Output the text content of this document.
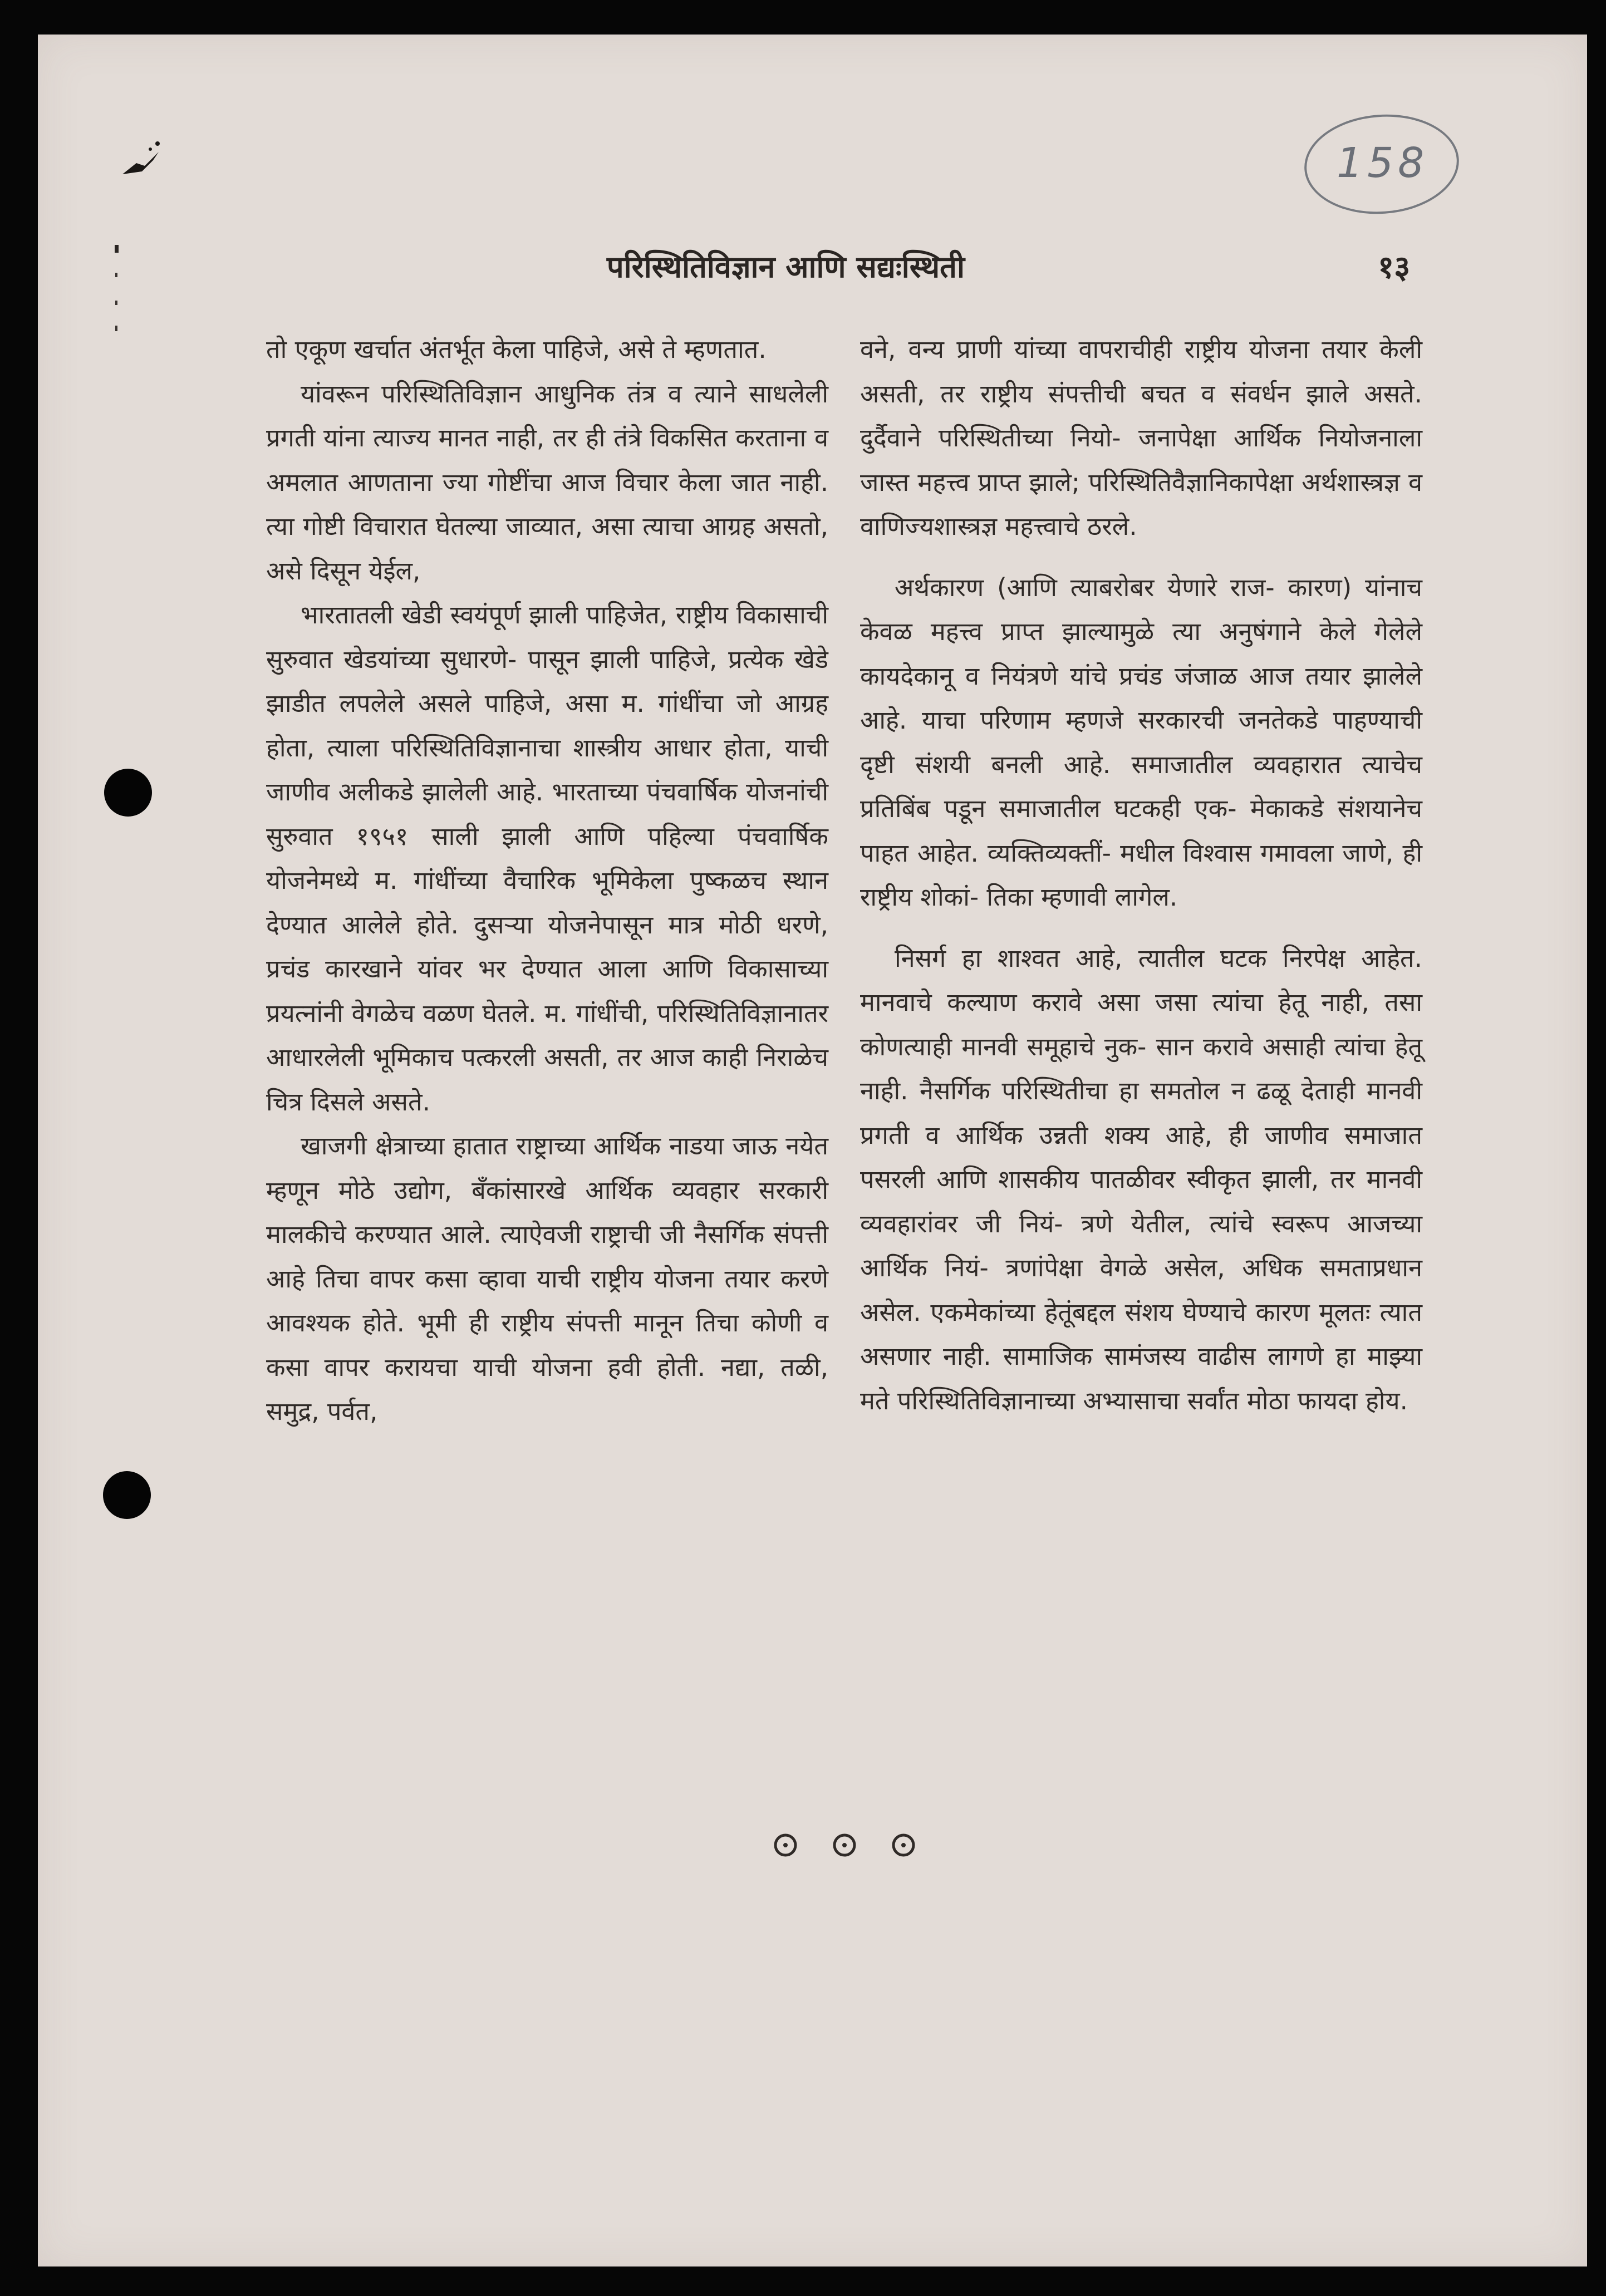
158
परिस्थितिविज्ञान आणि सद्यःस्थिती	१३

तो एकूण खर्चात अंतर्भूत केला पाहिजे, असे ते म्हणतात.

यांवरून परिस्थितिविज्ञान आधुनिक तंत्र व त्याने साधलेली प्रगती यांना त्याज्य मानत नाही, तर ही तंत्रे विकसित करताना व अमलात आणताना ज्या गोष्टींचा आज विचार केला जात नाही. त्या गोष्टी विचारात घेतल्या जाव्यात, असा त्याचा आग्रह असतो, असे दिसून येईल,

भारतातली खेडी स्वयंपूर्ण झाली पाहिजेत, राष्ट्रीय विकासाची सुरुवात खेडयांच्या सुधारणे- पासून झाली पाहिजे, प्रत्येक खेडे झाडीत लपलेले असले पाहिजे, असा म. गांधींचा जो आग्रह होता, त्याला परिस्थितिविज्ञानाचा शास्त्रीय आधार होता, याची जाणीव अलीकडे झालेली आहे. भारताच्या पंचवार्षिक योजनांची सुरुवात १९५१ साली झाली आणि पहिल्या पंचवार्षिक योजनेमध्ये म. गांधींच्या वैचारिक भूमिकेला पुष्कळच स्थान देण्यात आलेले होते. दुसऱ्या योजनेपासून मात्र मोठी धरणे, प्रचंड कारखाने यांवर भर देण्यात आला आणि विकासाच्या प्रयत्नांनी वेगळेच वळण घेतले. म. गांधींची, परिस्थितिविज्ञानातर आधारलेली भूमिकाच पत्करली असती, तर आज काही निराळेच चित्र दिसले असते.

खाजगी क्षेत्राच्या हातात राष्ट्राच्या आर्थिक नाडया जाऊ नयेत म्हणून मोठे उद्योग, बँकांसारखे आर्थिक व्यवहार सरकारी मालकीचे करण्यात आले. त्याऐवजी राष्ट्राची जी नैसर्गिक संपत्ती आहे तिचा वापर कसा व्हावा याची राष्ट्रीय योजना तयार करणे आवश्यक होते. भूमी ही राष्ट्रीय संपत्ती मानून तिचा कोणी व कसा वापर करायचा याची योजना हवी होती. नद्या, तळी, समुद्र, पर्वत,

वने, वन्य प्राणी यांच्या वापराचीही राष्ट्रीय योजना तयार केली असती, तर राष्ट्रीय संपत्तीची बचत व संवर्धन झाले असते. दुर्दैवाने परिस्थितीच्या नियो- जनापेक्षा आर्थिक नियोजनाला जास्त महत्त्व प्राप्त झाले; परिस्थितिवैज्ञानिकापेक्षा अर्थशास्त्रज्ञ व वाणिज्यशास्त्रज्ञ महत्त्वाचे ठरले.

अर्थकारण (आणि त्याबरोबर येणारे राज- कारण) यांनाच केवळ महत्त्व प्राप्त झाल्यामुळे त्या अनुषंगाने केले गेलेले कायदेकानू व नियंत्रणे यांचे प्रचंड जंजाळ आज तयार झालेले आहे. याचा परिणाम म्हणजे सरकारची जनतेकडे पाहण्याची दृष्टी संशयी बनली आहे. समाजातील व्यवहारात त्याचेच प्रतिबिंब पडून समाजातील घटकही एक- मेकाकडे संशयानेच पाहत आहेत. व्यक्तिव्यक्तीं- मधील विश्वास गमावला जाणे, ही राष्ट्रीय शोकां- तिका म्हणावी लागेल.

निसर्ग हा शाश्वत आहे, त्यातील घटक निरपेक्ष आहेत. मानवाचे कल्याण करावे असा जसा त्यांचा हेतू नाही, तसा कोणत्याही मानवी समूहाचे नुक- सान करावे असाही त्यांचा हेतू नाही. नैसर्गिक परिस्थितीचा हा समतोल न ढळू देताही मानवी प्रगती व आर्थिक उन्नती शक्य आहे, ही जाणीव समाजात पसरली आणि शासकीय पातळीवर स्वीकृत झाली, तर मानवी व्यवहारांवर जी नियं- त्रणे येतील, त्यांचे स्वरूप आजच्या आर्थिक नियं- त्रणांपेक्षा वेगळे असेल, अधिक समताप्रधान असेल. एकमेकांच्या हेतूंबद्दल संशय घेण्याचे कारण मूलतः त्यात असणार नाही. सामाजिक सामंजस्य वाढीस लागणे हा माझ्या मते परिस्थितिविज्ञानाच्या अभ्यासाचा सर्वांत मोठा फायदा होय.
